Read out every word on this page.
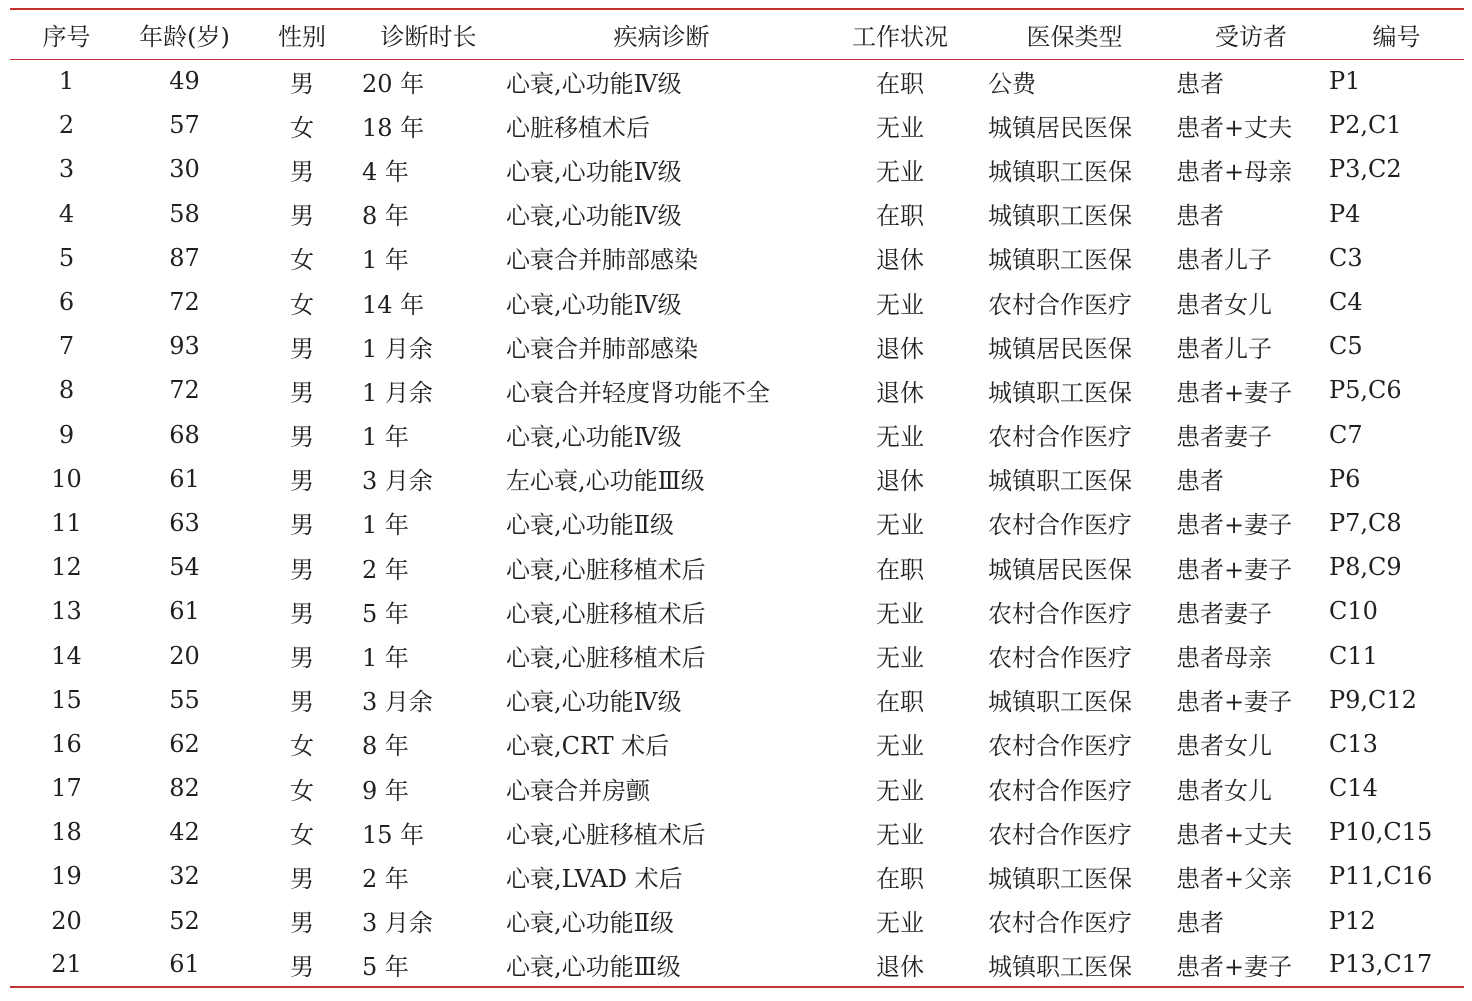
序号	年龄(岁)	性别	诊断时长	疾病诊断	工作状况	医保类型	受访者	编号
1	49	男	20 年	心衰,心功能Ⅳ级	在职	公费	患者	P1
2	57	女	18 年	心脏移植术后	无业	城镇居民医保	患者+丈夫	P2,C1
3	30	男	4 年	心衰,心功能Ⅳ级	无业	城镇职工医保	患者+母亲	P3,C2
4	58	男	8 年	心衰,心功能Ⅳ级	在职	城镇职工医保	患者	P4
5	87	女	1 年	心衰合并肺部感染	退休	城镇职工医保	患者儿子	C3
6	72	女	14 年	心衰,心功能Ⅳ级	无业	农村合作医疗	患者女儿	C4
7	93	男	1 月余	心衰合并肺部感染	退休	城镇居民医保	患者儿子	C5
8	72	男	1 月余	心衰合并轻度肾功能不全	退休	城镇职工医保	患者+妻子	P5,C6
9	68	男	1 年	心衰,心功能Ⅳ级	无业	农村合作医疗	患者妻子	C7
10	61	男	3 月余	左心衰,心功能Ⅲ级	退休	城镇职工医保	患者	P6
11	63	男	1 年	心衰,心功能Ⅱ级	无业	农村合作医疗	患者+妻子	P7,C8
12	54	男	2 年	心衰,心脏移植术后	在职	城镇居民医保	患者+妻子	P8,C9
13	61	男	5 年	心衰,心脏移植术后	无业	农村合作医疗	患者妻子	C10
14	20	男	1 年	心衰,心脏移植术后	无业	农村合作医疗	患者母亲	C11
15	55	男	3 月余	心衰,心功能Ⅳ级	在职	城镇职工医保	患者+妻子	P9,C12
16	62	女	8 年	心衰,CRT 术后	无业	农村合作医疗	患者女儿	C13
17	82	女	9 年	心衰合并房颤	无业	农村合作医疗	患者女儿	C14
18	42	女	15 年	心衰,心脏移植术后	无业	农村合作医疗	患者+丈夫	P10,C15
19	32	男	2 年	心衰,LVAD 术后	在职	城镇职工医保	患者+父亲	P11,C16
20	52	男	3 月余	心衰,心功能Ⅱ级	无业	农村合作医疗	患者	P12
21	61	男	5 年	心衰,心功能Ⅲ级	退休	城镇职工医保	患者+妻子	P13,C17
